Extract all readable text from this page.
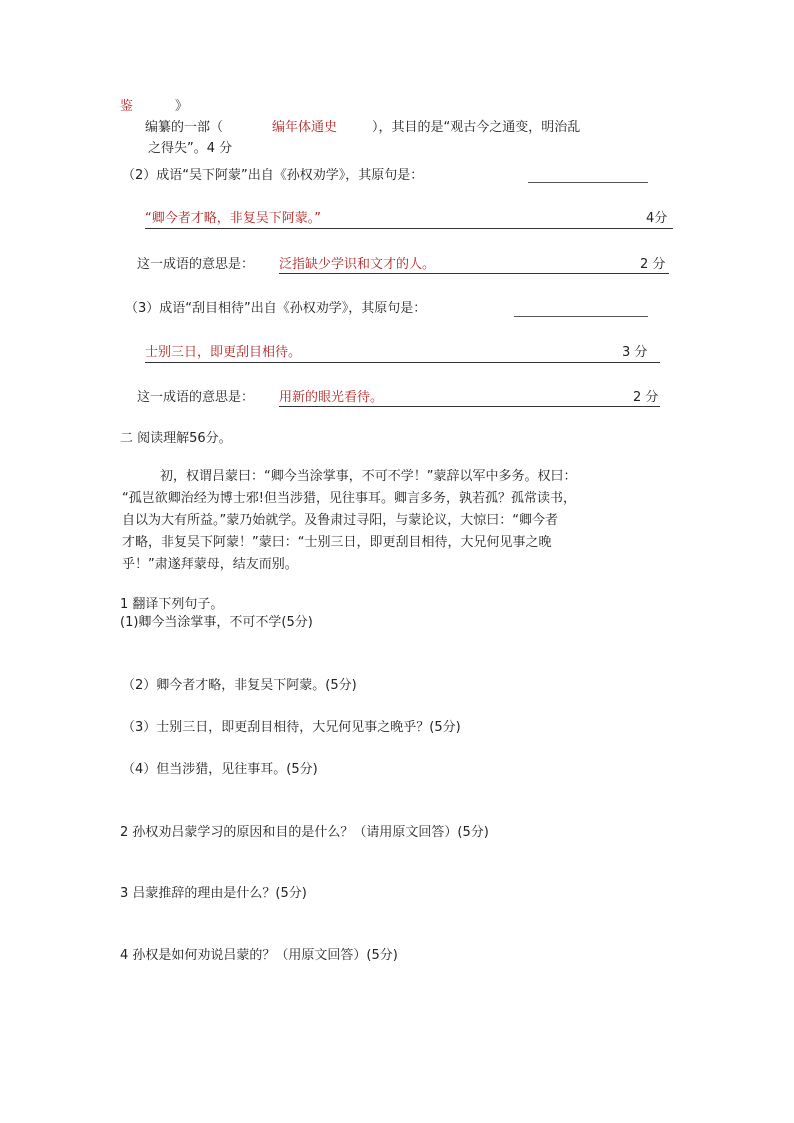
鉴	》
编纂的一部（	编年体通史	），其目的是“观古今之通变，明治乱
之得失”。4 分
（2）成语“吴下阿蒙”出自《孙权劝学》，其原句是：
“卿今者才略，非复吴下阿蒙。”	4分
这一成语的意思是： 泛指缺少学识和文才的人。	2 分
（3）成语“刮目相待”出自《孙权劝学》，其原句是：
士别三日，即更刮目相待。	3 分
这一成语的意思是： 用新的眼光看待。	2 分
二 阅读理解56分。
初，权谓吕蒙曰：“卿今当涂掌事，不可不学！”蒙辞以军中多务。权曰：
“孤岂欲卿治经为博士邪!但当涉猎，见往事耳。卿言多务，孰若孤？孤常读书，
自以为大有所益。”蒙乃始就学。及鲁肃过寻阳，与蒙论议，大惊曰：“卿今者
才略，非复吴下阿蒙！”蒙曰：“士别三日，即更刮目相待，大兄何见事之晚
乎！”肃遂拜蒙母，结友而别。
1 翻译下列句子。
(1)卿今当涂掌事，不可不学(5分)
（2）卿今者才略，非复吴下阿蒙。(5分)
（3）士别三日，即更刮目相待，大兄何见事之晚乎？(5分)
（4）但当涉猎，见往事耳。(5分)
2 孙权劝吕蒙学习的原因和目的是什么？（请用原文回答）(5分)
3 吕蒙推辞的理由是什么？(5分)
4 孙权是如何劝说吕蒙的？（用原文回答）(5分)
